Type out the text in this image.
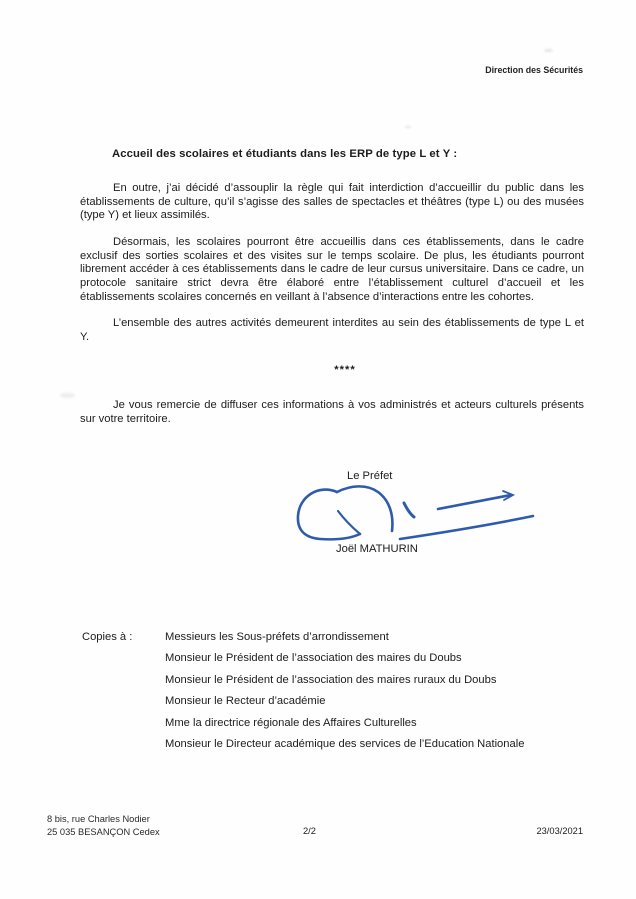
Direction des Sécurités
Accueil des scolaires et étudiants dans les ERP de type L et Y :

En outre, j’ai décidé d’assouplir la règle qui fait interdiction d’accueillir du public dans les établissements de culture, qu’il s’agisse des salles de spectacles et théâtres (type L) ou des musées (type Y) et lieux assimilés.

Désormais, les scolaires pourront être accueillis dans ces établissements, dans le cadre exclusif des sorties scolaires et des visites sur le temps scolaire. De plus, les étudiants pourront librement accéder à ces établissements dans le cadre de leur cursus universitaire. Dans ce cadre, un protocole sanitaire strict devra être élaboré entre l’établissement culturel d’accueil et les établissements scolaires concernés en veillant à l’absence d’interactions entre les cohortes.

L’ensemble des autres activités demeurent interdites au sein des établissements de type L et Y.

****

Je vous remercie de diffuser ces informations à vos administrés et acteurs culturels présents sur votre territoire.

Le Préfet
Joël MATHURIN
Copies à :	Messieurs les Sous-préfets d’arrondissement
Monsieur le Président de l’association des maires du Doubs
Monsieur le Président de l’association des maires ruraux du Doubs
Monsieur le Recteur d’académie
Mme la directrice régionale des Affaires Culturelles
Monsieur le Directeur académique des services de l’Education Nationale
8 bis, rue Charles Nodier
25 035 BESANÇON Cedex	2/2	23/03/2021
